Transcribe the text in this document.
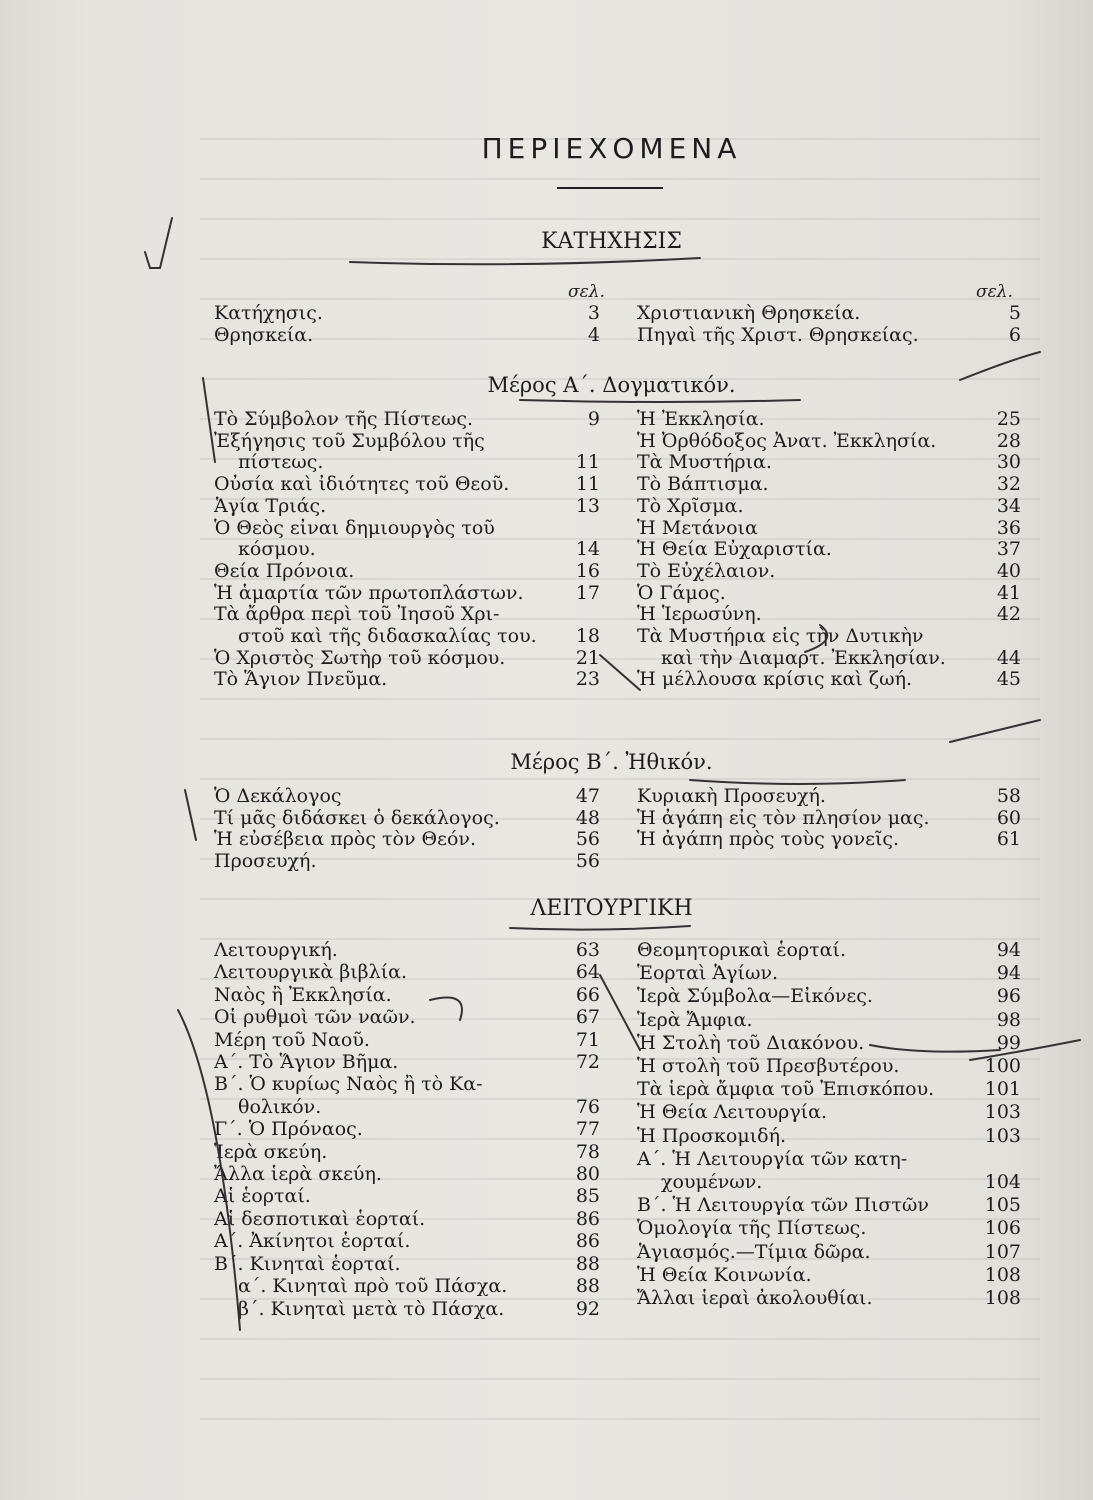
ΠΕΡΙΕΧΟΜΕΝΑ
ΚΑΤΗΧΗΣΙΣ
σελ.	σελ.
Κατήχησις.	3
Θρησκεία.	4
Χριστιανικὴ Θρησκεία.	5
Πηγαὶ τῆς Χριστ. Θρησκείας.	6
Μέρος Α΄. Δογματικόν.
Τὸ Σύμβολον τῆς Πίστεως.	9
Ἐξήγησις τοῦ Συμβόλου τῆς
πίστεως.	11
Οὐσία καὶ ἰδιότητες τοῦ Θεοῦ.	11
Ἁγία Τριάς.	13
Ὁ Θεὸς εἶναι δημιουργὸς τοῦ
κόσμου.	14
Θεία Πρόνοια.	16
Ἡ ἁμαρτία τῶν πρωτοπλάστων.	17
Τὰ ἄρθρα περὶ τοῦ Ἰησοῦ Χρι-
στοῦ καὶ τῆς διδασκαλίας του.	18
Ὁ Χριστὸς Σωτὴρ τοῦ κόσμου.	21
Τὸ Ἅγιον Πνεῦμα.	23
Ἡ Ἐκκλησία.	25
Ἡ Ὀρθόδοξος Ἀνατ. Ἐκκλησία.	28
Τὰ Μυστήρια.	30
Τὸ Βάπτισμα.	32
Τὸ Χρῖσμα.	34
Ἡ Μετάνοια	36
Ἡ Θεία Εὐχαριστία.	37
Τὸ Εὐχέλαιον.	40
Ὁ Γάμος.	41
Ἡ Ἱερωσύνη.	42
Τὰ Μυστήρια εἰς τὴν Δυτικὴν
καὶ τὴν Διαμαρτ. Ἐκκλησίαν.	44
Ἡ μέλλουσα κρίσις καὶ ζωή.	45
Μέρος Β΄. Ἠθικόν.
Ὁ Δεκάλογος	47
Τί μᾶς διδάσκει ὁ δεκάλογος.	48
Ἡ εὐσέβεια πρὸς τὸν Θεόν.	56
Προσευχή.	56
Κυριακὴ Προσευχή.	58
Ἡ ἀγάπη εἰς τὸν πλησίον μας.	60
Ἡ ἀγάπη πρὸς τοὺς γονεῖς.	61
ΛΕΙΤΟΥΡΓΙΚΗ
Λειτουργική.	63
Λειτουργικὰ βιβλία.	64
Ναὸς ἢ Ἐκκλησία.	66
Οἱ ρυθμοὶ τῶν ναῶν.	67
Μέρη τοῦ Ναοῦ.	71
Α΄. Τὸ Ἅγιον Βῆμα.	72
Β΄. Ὁ κυρίως Ναὸς ἢ τὸ Κα-
θολικόν.	76
Γ΄. Ὁ Πρόναος.	77
Ἱερὰ σκεύη.	78
Ἄλλα ἱερὰ σκεύη.	80
Αἱ ἑορταί.	85
Αἱ δεσποτικαὶ ἑορταί.	86
Α΄. Ἀκίνητοι ἑορταί.	86
Β΄. Κινηταὶ ἑορταί.	88
α΄. Κινηταὶ πρὸ τοῦ Πάσχα.	88
β΄. Κινηταὶ μετὰ τὸ Πάσχα.	92
Θεομητορικαὶ ἑορταί.	94
Ἑορταὶ Ἁγίων.	94
Ἱερὰ Σύμβολα—Εἰκόνες.	96
Ἱερὰ Ἄμφια.	98
Ἡ Στολὴ τοῦ Διακόνου.	99
Ἡ στολὴ τοῦ Πρεσβυτέρου.	100
Τὰ ἱερὰ ἄμφια τοῦ Ἐπισκόπου.	101
Ἡ Θεία Λειτουργία.	103
Ἡ Προσκομιδή.	103
Α΄. Ἡ Λειτουργία τῶν κατη-
χουμένων.	104
Β΄. Ἡ Λειτουργία τῶν Πιστῶν	105
Ὁμολογία τῆς Πίστεως.	106
Ἁγιασμός.—Τίμια δῶρα.	107
Ἡ Θεία Κοινωνία.	108
Ἄλλαι ἱεραὶ ἀκολουθίαι.	108
